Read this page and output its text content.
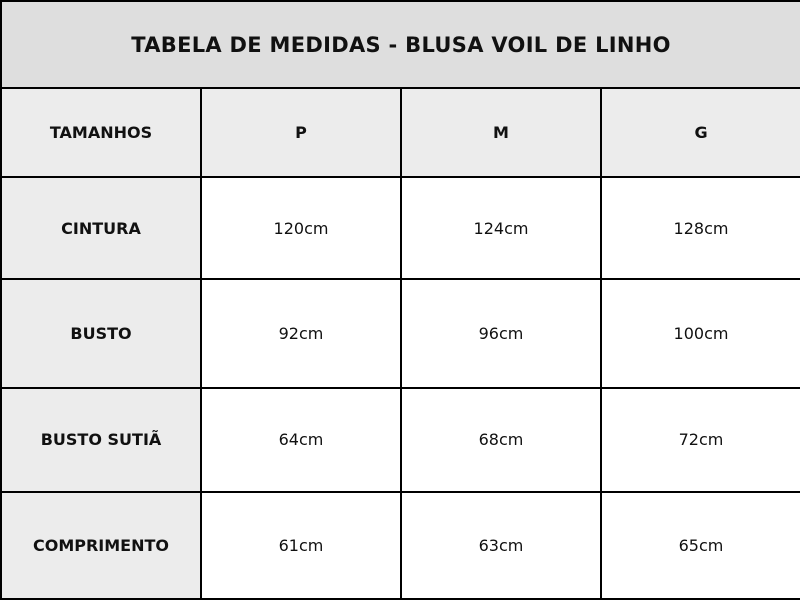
TABELA DE MEDIDAS - BLUSA VOIL DE LINHO			
TAMANHOS	P	M	G
CINTURA	120cm	124cm	128cm
BUSTO	92cm	96cm	100cm
BUSTO SUTIÃ	64cm	68cm	72cm
COMPRIMENTO	61cm	63cm	65cm
